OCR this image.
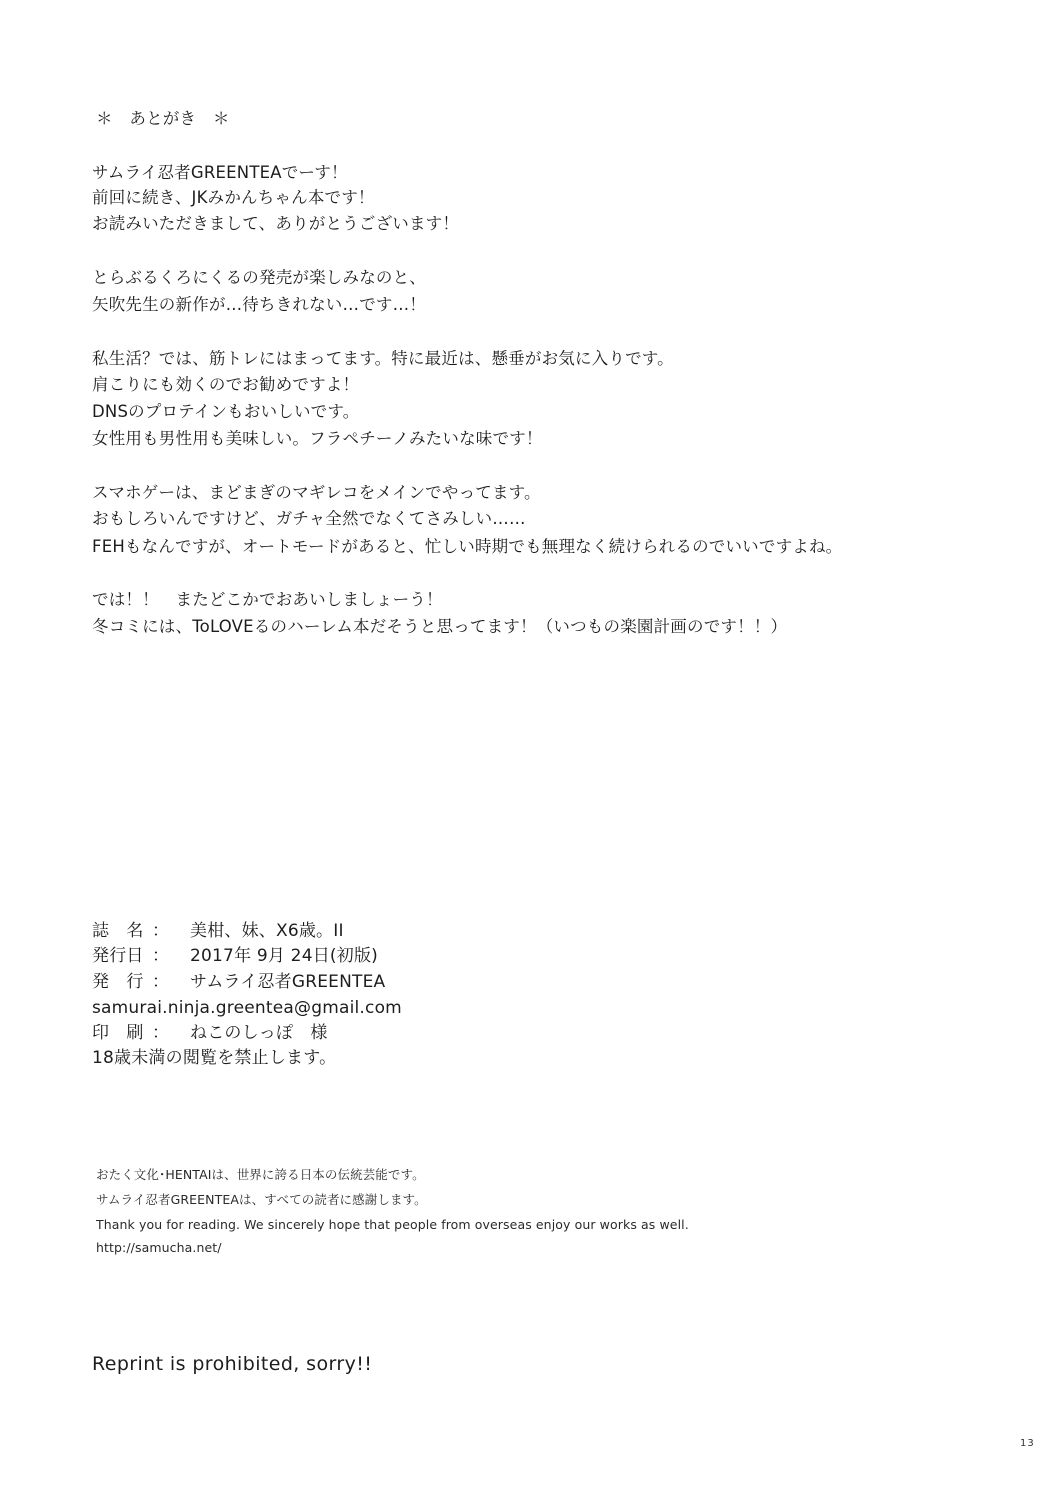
＊　あとがき　＊

サムライ忍者GREENTEAでーす！

前回に続き、JKみかんちゃん本です！

お読みいただきまして、ありがとうございます！

とらぶるくろにくるの発売が楽しみなのと、

矢吹先生の新作が…待ちきれない…です…！

私生活？では、筋トレにはまってます。特に最近は、懸垂がお気に入りです。

肩こりにも効くのでお勧めですよ！

DNSのプロテインもおいしいです。

女性用も男性用も美味しい。フラペチーノみたいな味です！

スマホゲーは、まどまぎのマギレコをメインでやってます。

おもしろいんですけど、ガチャ全然でなくてさみしい……

FEHもなんですが、オートモードがあると、忙しい時期でも無理なく続けられるのでいいですよね。

では！！　またどこかでおあいしましょーう！

冬コミには、ToLOVEるのハーレム本だそうと思ってます！（いつもの楽園計画のです！！）

誌　名 ： 美柑、妹、X6歳。II

発行日 ： 2017年 9月 24日(初版)

発　行 ： サムライ忍者GREENTEA

samurai.ninja.greentea@gmail.com

印　刷 ： ねこのしっぽ　様

18歳未満の閲覧を禁止します。

おたく文化･HENTAIは、世界に誇る日本の伝統芸能です。

サムライ忍者GREENTEAは、すべての読者に感謝します。

Thank you for reading. We sincerely hope that people from overseas enjoy our works as well.

http://samucha.net/

Reprint is prohibited, sorry!!

13
